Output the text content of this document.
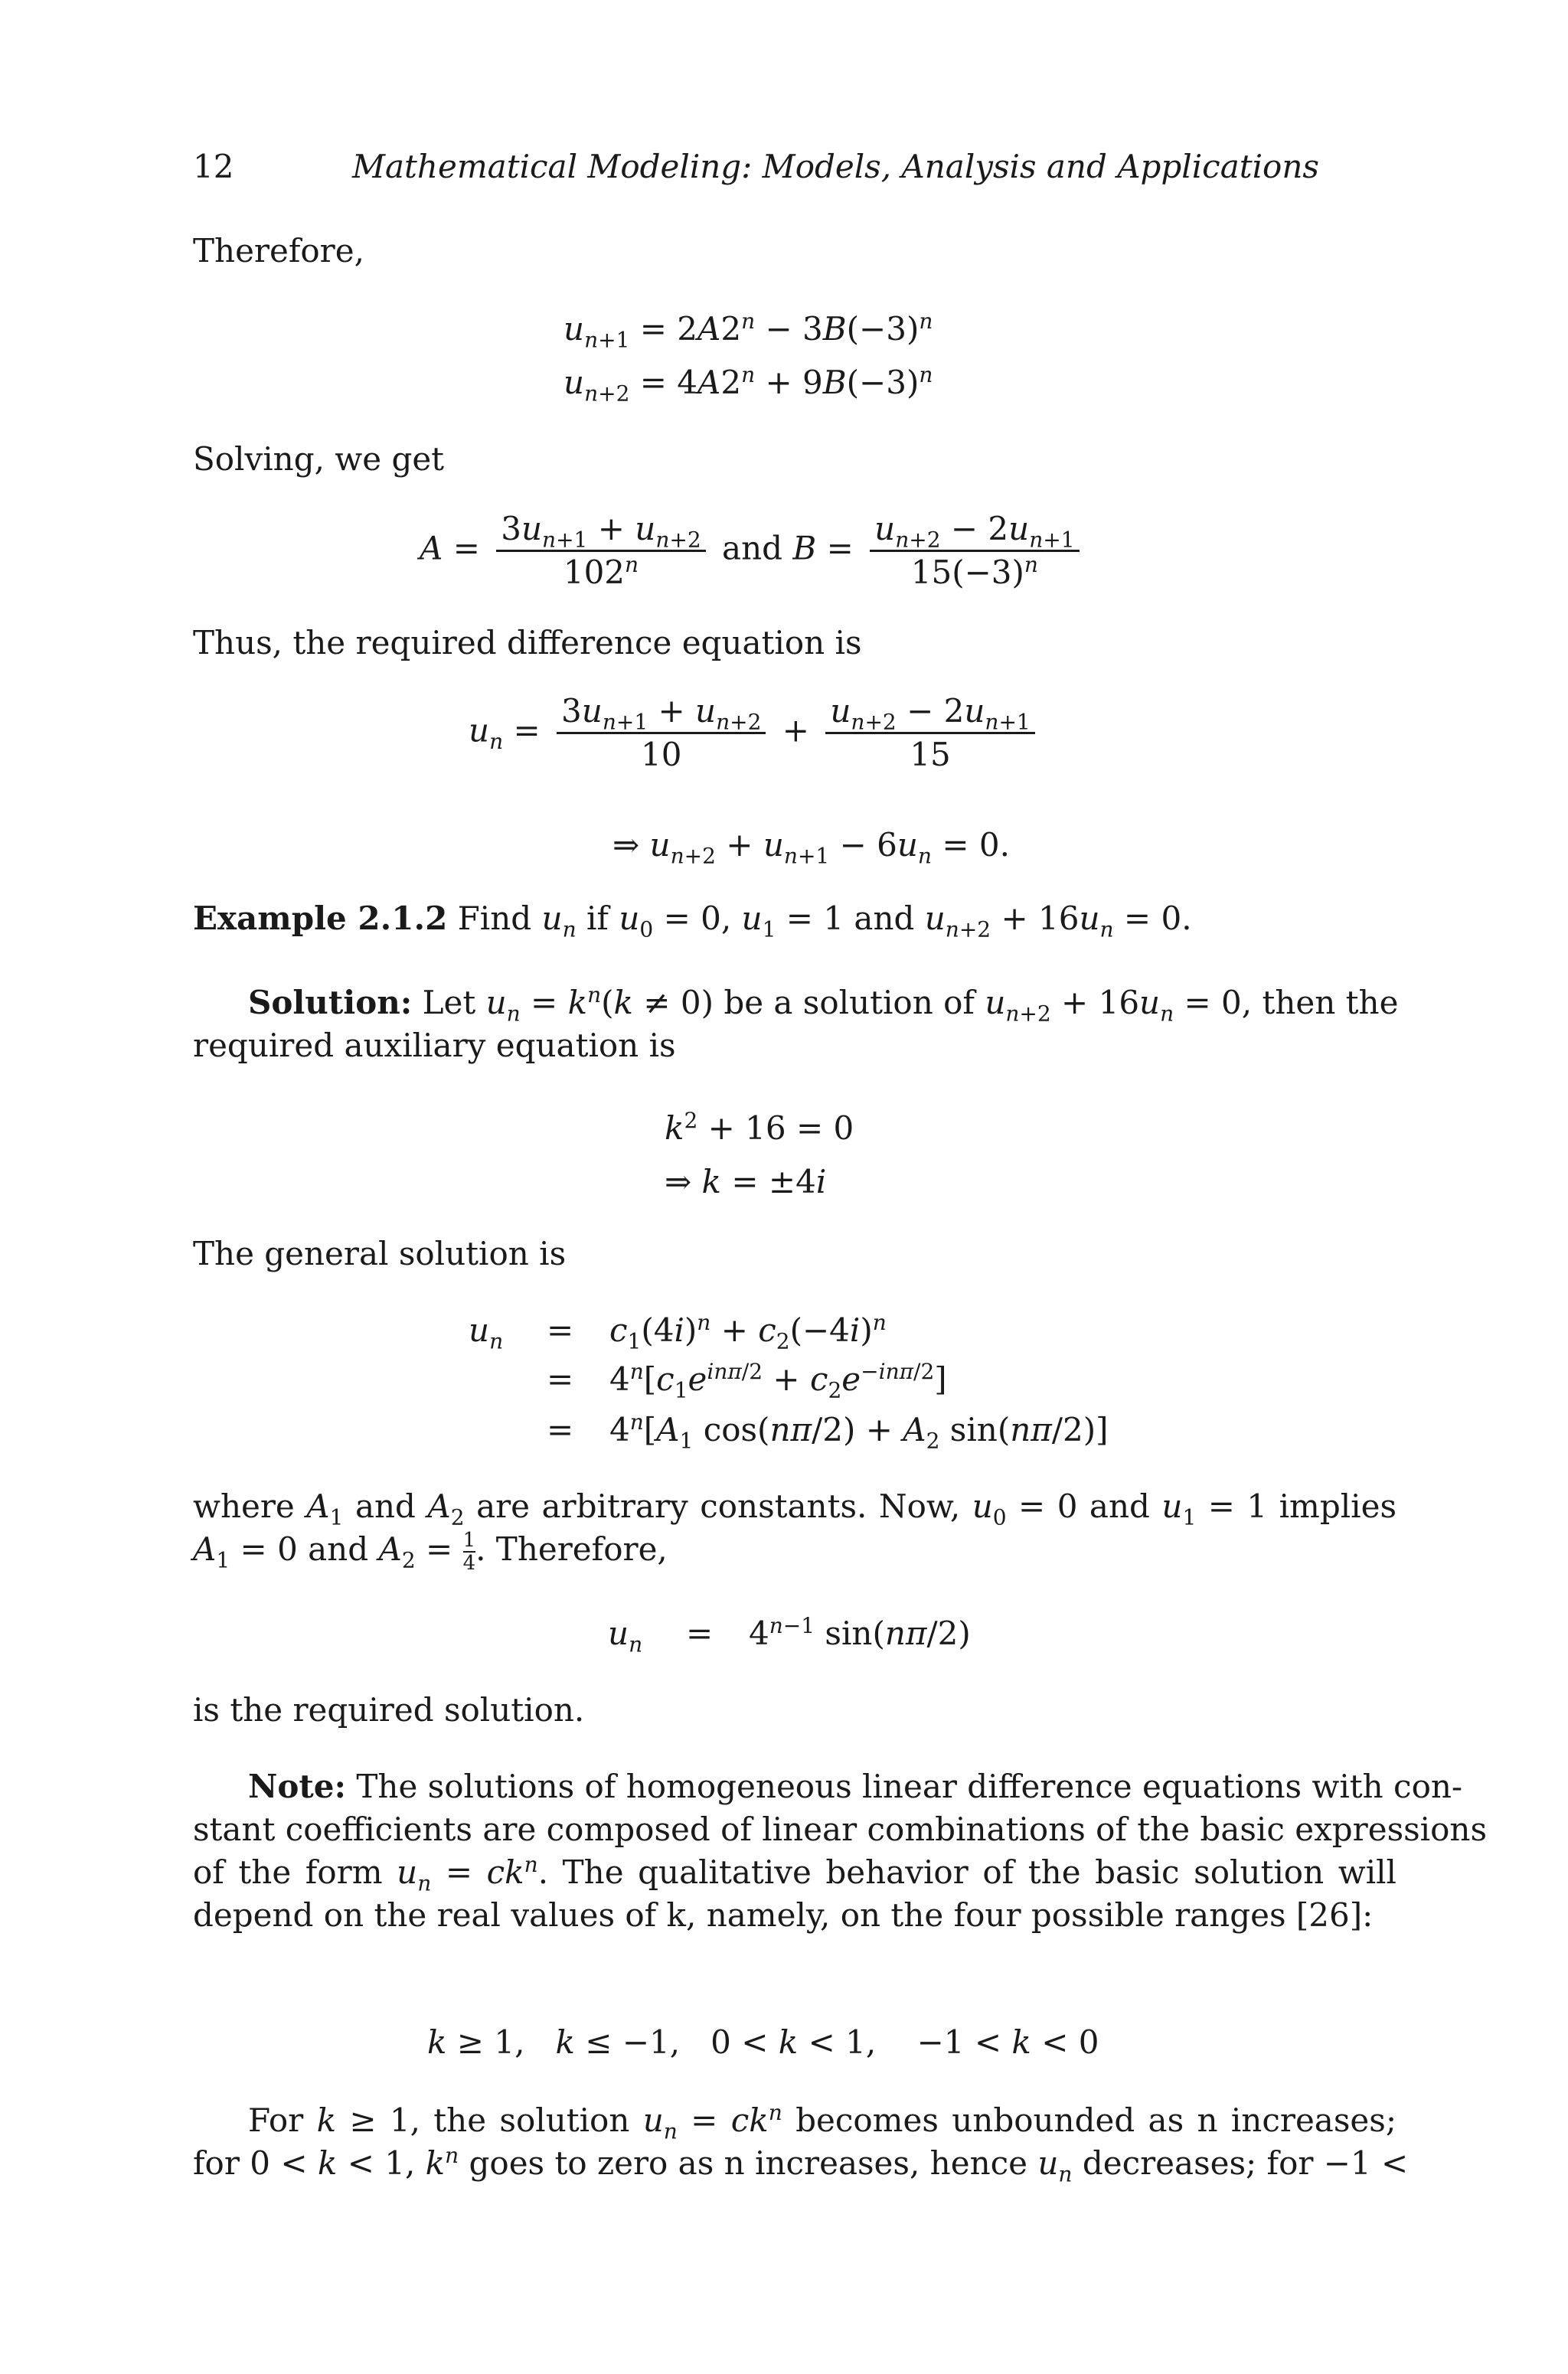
12	Mathematical Modeling: Models, Analysis and Applications
Therefore,
$u_{n+1} = 2A2^n - 3B(-3)^n$
$u_{n+2} = 4A2^n + 9B(-3)^n$
Solving, we get
$A = \frac{3u_{n+1} + u_{n+2}}{102^n}$ and $B = \frac{u_{n+2} - 2u_{n+1}}{15(-3)^n}$
Thus, the required difference equation is
$u_n = \frac{3u_{n+1} + u_{n+2}}{10} + \frac{u_{n+2} - 2u_{n+1}}{15}$
⇒ $u_{n+2} + u_{n+1} - 6u_n = 0$.
Example 2.1.2 Find $u_n$ if $u_0 = 0$, $u_1 = 1$ and $u_{n+2} + 16u_n = 0$.
Solution: Let $u_n = k^n(k \ne 0)$ be a solution of $u_{n+2} + 16u_n = 0$, then the
required auxiliary equation is
$k^2 + 16 = 0$
⇒ k = ±4i
The general solution is
$u_n = c_1(4i)^n + c_2(-4i)^n$
= $4^n[c_1e^{in\pi/2} + c_2e^{-in\pi/2}]$
= $4^n[A_1$ $\cos(n\pi/2) + A_2$ sin(nπ/2)]
where $A_1$ and $A_2$ are arbitrary constants. Now, $u_0 = 0$ and $u_1 = 1$ implies
$A_1 = 0$ and $A_2 = \frac{1}{4}$ . Therefore,
$u_n = 4^{n-1}$ sin(nπ/2)
is the required solution.
Note: The solutions of homogeneous linear difference equations with con-
stant coefficients are composed of linear combinations of the basic expressions
of the form $u_n = ck^n$. The qualitative behavior of the basic solution will
depend on the real values of k, namely, on the four possible ranges [26]:
k ≥ 1,   k ≤ −1,   0 < k < 1,    −1 < k < 0
For k ≥ 1, the solution $u_n = ck^n$ becomes unbounded as n increases;
for 0 < k < 1, $k^n$ goes to zero as n increases, hence $u_n$ decreases; for −1 <
